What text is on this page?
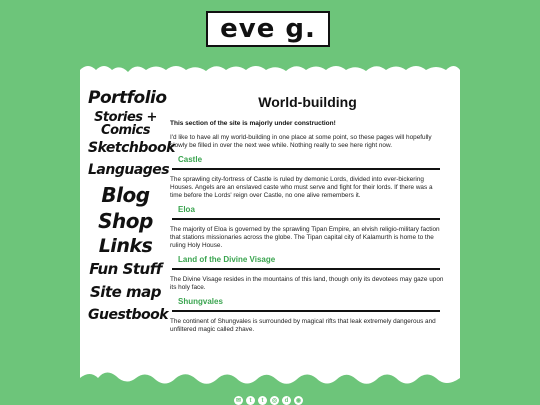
eve g.
Portfolio
Stories + Comics
Sketchbook
Languages
Blog
Shop
Links
Fun Stuff
Site map
Guestbook
World-building

This section of the site is majorly under construction!

I'd like to have all my world-building in one place at some point, so these pages will hopefully slowly be filled in over the next wee while. Nothing really to see here right now.

Castle

The sprawling city-fortress of Castle is ruled by demonic Lords, divided into ever-bickering Houses. Angels are an enslaved caste who must serve and fight for their lords. If there was a time before the Lords' reign over Castle, no one alive remembers it.

Eloa

The majority of Eloa is governed by the sprawling Tipan Empire, an elvish religio-military faction that stations missionaries across the globe. The Tipan capital city of Kalamurth is home to the ruling Holy House.

Land of the Divine Visage

The Divine Visage resides in the mountains of this land, though only its devotees may gaze upon its holy face.

Shungvales

The continent of Shungvales is surrounded by magical rifts that leak extremely dangerous and unfiltered magic called zhave.

✉	t	t	◎	d	◉
